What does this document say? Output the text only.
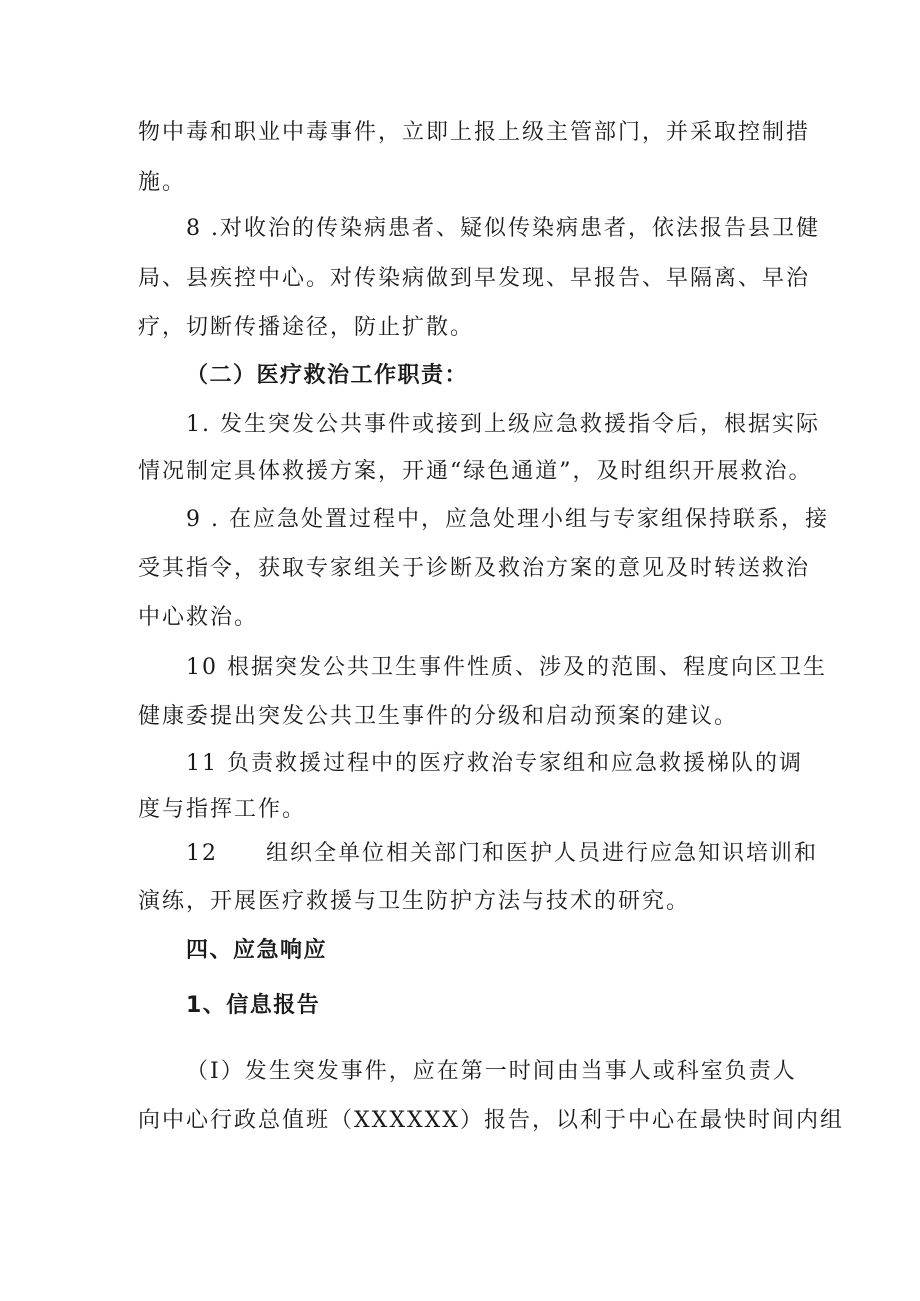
物中毒和职业中毒事件，立即上报上级主管部门，并采取控制措
施。
8 .对收治的传染病患者、疑似传染病患者，依法报告县卫健
局、县疾控中心。对传染病做到早发现、早报告、早隔离、早治
疗，切断传播途径，防止扩散。
（二）医疗救治工作职责：
1. 发生突发公共事件或接到上级应急救援指令后，根据实际
情况制定具体救援方案，开通“绿色通道”，及时组织开展救治。
9 . 在应急处置过程中，应急处理小组与专家组保持联系，接
受其指令，获取专家组关于诊断及救治方案的意见及时转送救治
中心救治。
10 根据突发公共卫生事件性质、涉及的范围、程度向区卫生
健康委提出突发公共卫生事件的分级和启动预案的建议。
11 负责救援过程中的医疗救治专家组和应急救援梯队的调
度与指挥工作。
12　　组织全单位相关部门和医护人员进行应急知识培训和
演练，开展医疗救援与卫生防护方法与技术的研究。
四、应急响应
1、信息报告
（I）发生突发事件，应在第一时间由当事人或科室负责人
向中心行政总值班（XXXXXX）报告，以利于中心在最快时间内组
